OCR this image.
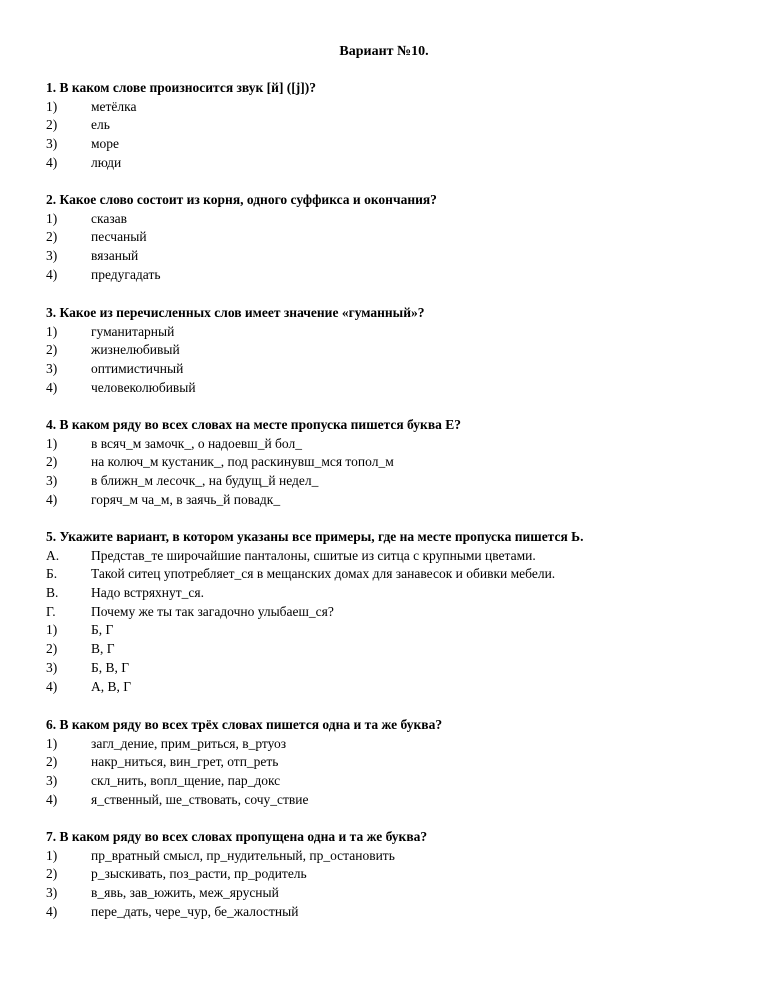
Вариант №10.
1. В каком слове произносится звук [й] ([j])?
1)	метёлка
2)	ель
3)	море
4)	люди
2. Какое слово состоит из корня, одного суффикса и окончания?
1)	сказав
2)	песчаный
3)	вязаный
4)	предугадать
3. Какое из перечисленных слов имеет значение «гуманный»?
1)	гуманитарный
2)	жизнелюбивый
3)	оптимистичный
4)	человеколюбивый
4. В каком ряду во всех словах на месте пропуска пишется буква Е?
1)	в всяч_м замочк_, о надоевш_й бол_
2)	на колюч_м кустаник_, под раскинувш_мся топол_м
3)	в ближн_м лесочк_, на будущ_й недел_
4)	горяч_м ча_м, в заячь_й повадк_
5. Укажите вариант, в котором указаны все примеры, где на месте пропуска пишется Ь.
А. Представ_те широчайшие панталоны, сшитые из ситца с крупными цветами.
Б.	Такой ситец употребляет_ся в мещанских домах для занавесок и обивки мебели.
В. Надо встряхнут_ся.
Г.	Почему же ты так загадочно улыбаеш_ся?
1)	Б, Г
2)	В, Г
3)	Б, В, Г
4)	А, В, Г
6. В каком ряду во всех трёх словах пишется одна и та же буква?
1)	загл_дение, прим_риться, в_ртуоз
2)	накр_ниться, вин_грет, отп_реть
3)	скл_нить, вопл_щение, пар_докс
4)	я_ственный, ше_ствовать, сочу_ствие
7. В каком ряду во всех словах пропущена одна и та же буква?
1)	пр_вратный смысл, пр_нудительный, пр_остановить
2)	р_зыскивать, поз_расти, пр_родитель
3)	в_явь, зав_южить, меж_ярусный
4)	пере_дать, чере_чур, бе_жалостный
